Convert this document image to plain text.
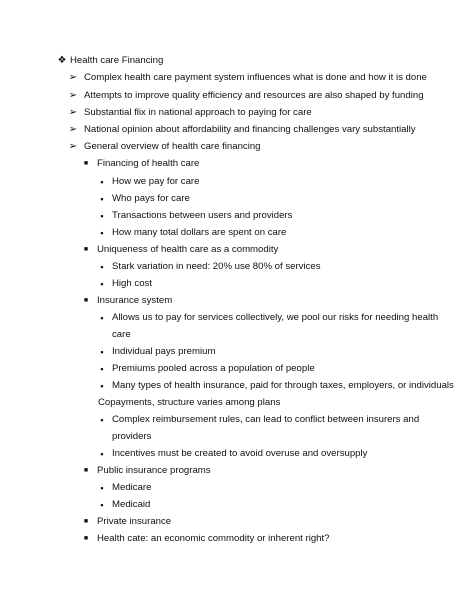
❖ Health care Financing
➢ Complex health care payment system influences what is done and how it is done
➢ Attempts to improve quality efficiency and resources are also shaped by funding
➢ Substantial flix in national approach to paying for care
➢ National opinion about affordability and financing challenges vary substantially
➢ General overview of health care financing
■ Financing of health care
• How we pay for care
• Who pays for care
• Transactions between users and providers
• How many total dollars are spent on care
■ Uniqueness of health care as a commodity
• Stark variation in need: 20% use 80% of services
• High cost
■ Insurance system
• Allows us to pay for services collectively, we pool our risks for needing health
care
• Individual pays premium
• Premiums pooled across a population of people
• Many types of health insurance, paid for through taxes, employers, or individuals
Copayments, structure varies among plans
• Complex reimbursement rules, can lead to conflict between insurers and
providers
• Incentives must be created to avoid overuse and oversupply
■ Public insurance programs
• Medicare
• Medicaid
■ Private insurance
■ Health cate: an economic commodity or inherent right?
